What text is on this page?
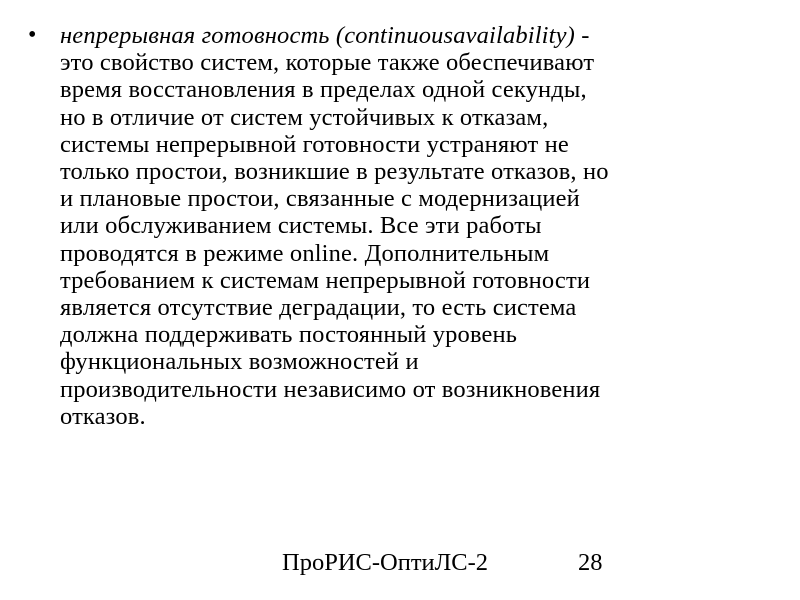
• непрерывная готовность (continuousavailability) -
это свойство систем, которые также обеспечивают
время восстановления в пределах одной секунды,
но в отличие от систем устойчивых к отказам,
системы непрерывной готовности устраняют не
только простои, возникшие в результате отказов, но
и плановые простои, связанные с модернизацией
или обслуживанием системы. Все эти работы
проводятся в режиме online. Дополнительным
требованием к системам непрерывной готовности
является отсутствие деградации, то есть система
должна поддерживать постоянный уровень
функциональных возможностей и
производительности независимо от возникновения
отказов.
ПроРИС-ОптиЛС-2	28
